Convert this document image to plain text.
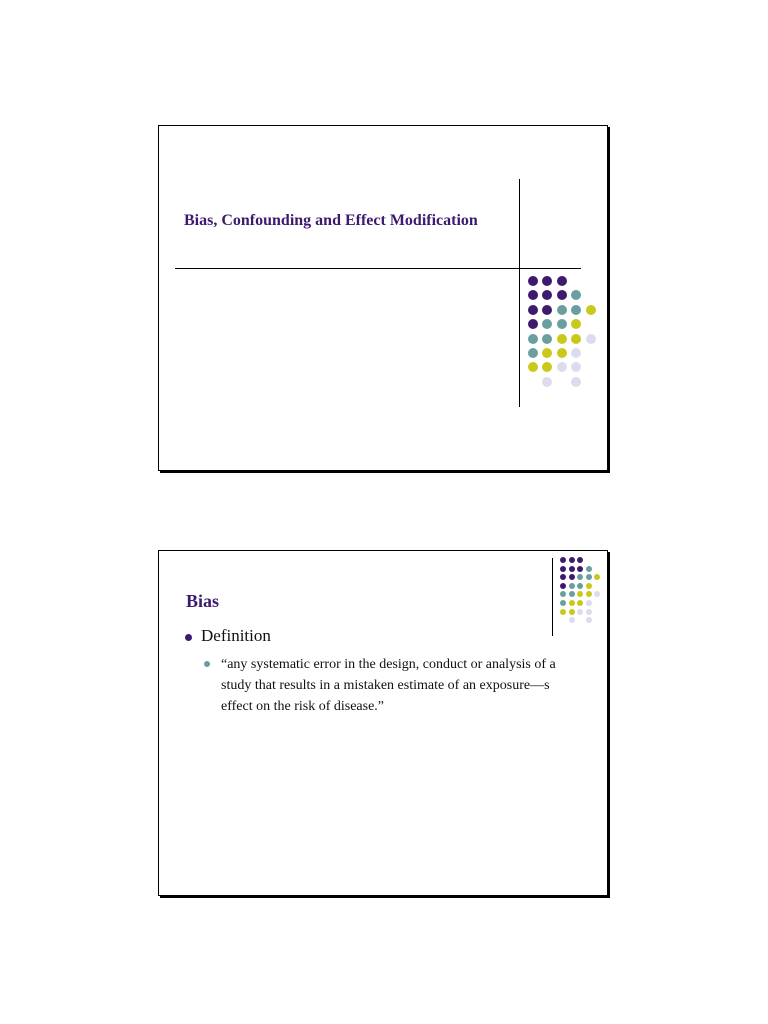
Bias, Confounding and Effect Modification
Bias
Definition
“any systematic error in the design, conduct or analysis of a study that results in a mistaken estimate of an exposure—s effect on the risk of disease.”
